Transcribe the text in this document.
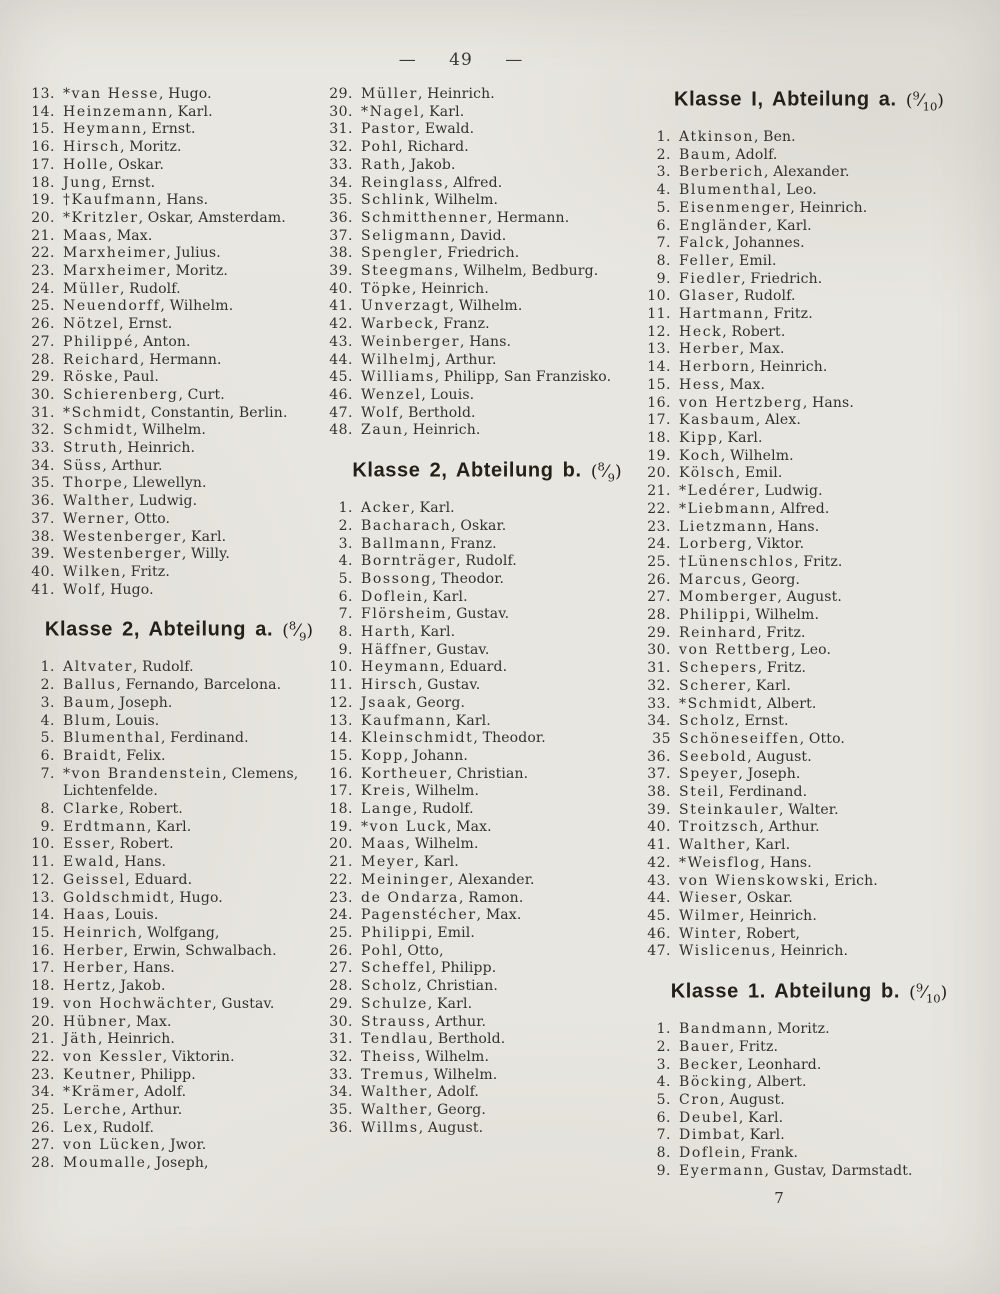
— 49 —
13. *van Hesse, Hugo.
14. Heinzemann, Karl.
15. Heymann, Ernst.
16. Hirsch, Moritz.
17. Holle, Oskar.
18. Jung, Ernst.
19. †Kaufmann, Hans.
20. *Kritzler, Oskar, Amsterdam.
21. Maas, Max.
22. Marxheimer, Julius.
23. Marxheimer, Moritz.
24. Müller, Rudolf.
25. Neuendorff, Wilhelm.
26. Nötzel, Ernst.
27. Philippé, Anton.
28. Reichard, Hermann.
29. Röske, Paul.
30. Schierenberg, Curt.
31. *Schmidt, Constantin, Berlin.
32. Schmidt, Wilhelm.
33. Struth, Heinrich.
34. Süss, Arthur.
35. Thorpe, Llewellyn.
36. Walther, Ludwig.
37. Werner, Otto.
38. Westenberger, Karl.
39. Westenberger, Willy.
40. Wilken, Fritz.
41. Wolf, Hugo.
Klasse 2, Abteilung a. $(^8⁄_9)$
1. Altvater, Rudolf.
2. Ballus, Fernando, Barcelona.
3. Baum, Joseph.
4. Blum, Louis.
5. Blumenthal, Ferdinand.
6. Braidt, Felix.
7. *von Brandenstein, Clemens, Lichtenfelde.
8. Clarke, Robert.
9. Erdtmann, Karl.
10. Esser, Robert.
11. Ewald, Hans.
12. Geissel, Eduard.
13. Goldschmidt, Hugo.
14. Haas, Louis.
15. Heinrich, Wolfgang,
16. Herber, Erwin, Schwalbach.
17. Herber, Hans.
18. Hertz, Jakob.
19. von Hochwächter, Gustav.
20. Hübner, Max.
21. Jäth, Heinrich.
22. von Kessler, Viktorin.
23. Keutner, Philipp.
34. *Krämer, Adolf.
25. Lerche, Arthur.
26. Lex, Rudolf.
27. von Lücken, Jwor.
28. Moumalle, Joseph,
29. Müller, Heinrich.
30. *Nagel, Karl.
31. Pastor, Ewald.
32. Pohl, Richard.
33. Rath, Jakob.
34. Reinglass, Alfred.
35. Schlink, Wilhelm.
36. Schmitthenner, Hermann.
37. Seligmann, David.
38. Spengler, Friedrich.
39. Steegmans, Wilhelm, Bedburg.
40. Töpke, Heinrich.
41. Unverzagt, Wilhelm.
42. Warbeck, Franz.
43. Weinberger, Hans.
44. Wilhelmj, Arthur.
45. Williams, Philipp, San Franzisko.
46. Wenzel, Louis.
47. Wolf, Berthold.
48. Zaun, Heinrich.
Klasse 2, Abteilung b. $(^8⁄_9)$
1. Acker, Karl.
2. Bacharach, Oskar.
3. Ballmann, Franz.
4. Bornträger, Rudolf.
5. Bossong, Theodor.
6. Doflein, Karl.
7. Flörsheim, Gustav.
8. Harth, Karl.
9. Häffner, Gustav.
10. Heymann, Eduard.
11. Hirsch, Gustav.
12. Jsaak, Georg.
13. Kaufmann, Karl.
14. Kleinschmidt, Theodor.
15. Kopp, Johann.
16. Kortheuer, Christian.
17. Kreis, Wilhelm.
18. Lange, Rudolf.
19. *von Luck, Max.
20. Maas, Wilhelm.
21. Meyer, Karl.
22. Meininger, Alexander.
23. de Ondarza, Ramon.
24. Pagenstécher, Max.
25. Philippi, Emil.
26. Pohl, Otto,
27. Scheffel, Philipp.
28. Scholz, Christian.
29. Schulze, Karl.
30. Strauss, Arthur.
31. Tendlau, Berthold.
32. Theiss, Wilhelm.
33. Tremus, Wilhelm.
34. Walther, Adolf.
35. Walther, Georg.
36. Willms, August.
Klasse I, Abteilung a. $(^9⁄_{10})$
1. Atkinson, Ben.
2. Baum, Adolf.
3. Berberich, Alexander.
4. Blumenthal, Leo.
5. Eisenmenger, Heinrich.
6. Engländer, Karl.
7. Falck, Johannes.
8. Feller, Emil.
9. Fiedler, Friedrich.
10. Glaser, Rudolf.
11. Hartmann, Fritz.
12. Heck, Robert.
13. Herber, Max.
14. Herborn, Heinrich.
15. Hess, Max.
16. von Hertzberg, Hans.
17. Kasbaum, Alex.
18. Kipp, Karl.
19. Koch, Wilhelm.
20. Kölsch, Emil.
21. *Ledérer, Ludwig.
22. *Liebmann, Alfred.
23. Lietzmann, Hans.
24. Lorberg, Viktor.
25. †Lünenschlos, Fritz.
26. Marcus, Georg.
27. Momberger, August.
28. Philippi, Wilhelm.
29. Reinhard, Fritz.
30. von Rettberg, Leo.
31. Schepers, Fritz.
32. Scherer, Karl.
33. *Schmidt, Albert.
34. Scholz, Ernst.
35 Schöneseiffen, Otto.
36. Seebold, August.
37. Speyer, Joseph.
38. Steil, Ferdinand.
39. Steinkauler, Walter.
40. Troitzsch, Arthur.
41. Walther, Karl.
42. *Weisflog, Hans.
43. von Wienskowski, Erich.
44. Wieser, Oskar.
45. Wilmer, Heinrich.
46. Winter, Robert,
47. Wislicenus, Heinrich.
Klasse 1. Abteilung b. $(^9⁄_{10})$
1. Bandmann, Moritz.
2. Bauer, Fritz.
3. Becker, Leonhard.
4. Böcking, Albert.
5. Cron, August.
6. Deubel, Karl.
7. Dimbat, Karl.
8. Doflein, Frank.
9. Eyermann, Gustav, Darmstadt.
7
